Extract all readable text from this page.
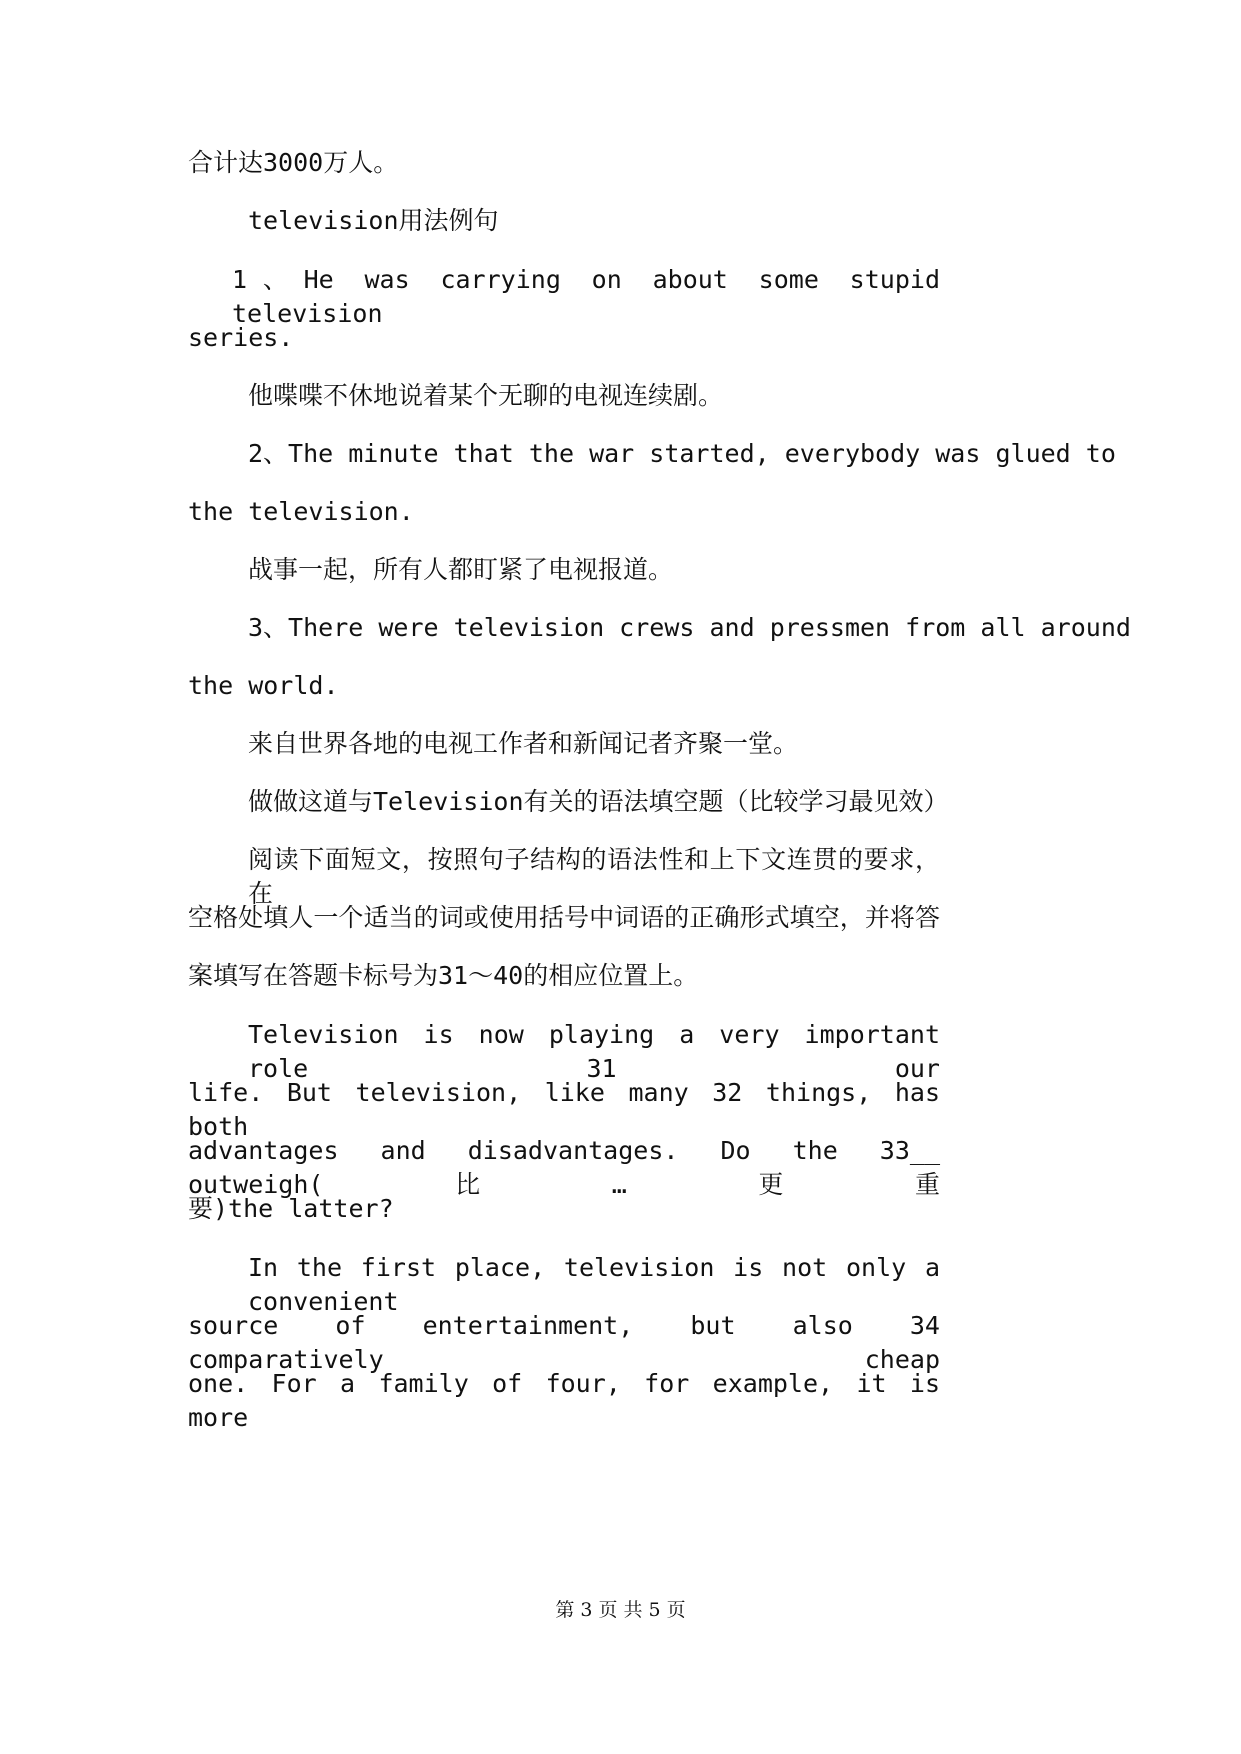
合计达3000万人。
television用法例句
1、He was carrying on about some stupid television
series.
他喋喋不休地说着某个无聊的电视连续剧。
2、The minute that the war started, everybody was glued to
the television.
战事一起，所有人都盯紧了电视报道。
3、There were television crews and pressmen from all around
the world.
来自世界各地的电视工作者和新闻记者齐聚一堂。
做做这道与Television有关的语法填空题（比较学习最见效）
阅读下面短文，按照句子结构的语法性和上下文连贯的要求，在
空格处填人一个适当的词或使用括号中词语的正确形式填空，并将答
案填写在答题卡标号为31～40的相应位置上。
Television is now playing a very important role 31 our
life. But television, like many 32 things, has both
advantages and disadvantages. Do the 33__ outweigh(比…更重
要)the latter?
In the first place, television is not only a convenient
source of entertainment, but also 34 comparatively cheap
one. For a family of four, for example, it is more
第 3 页 共 5 页
